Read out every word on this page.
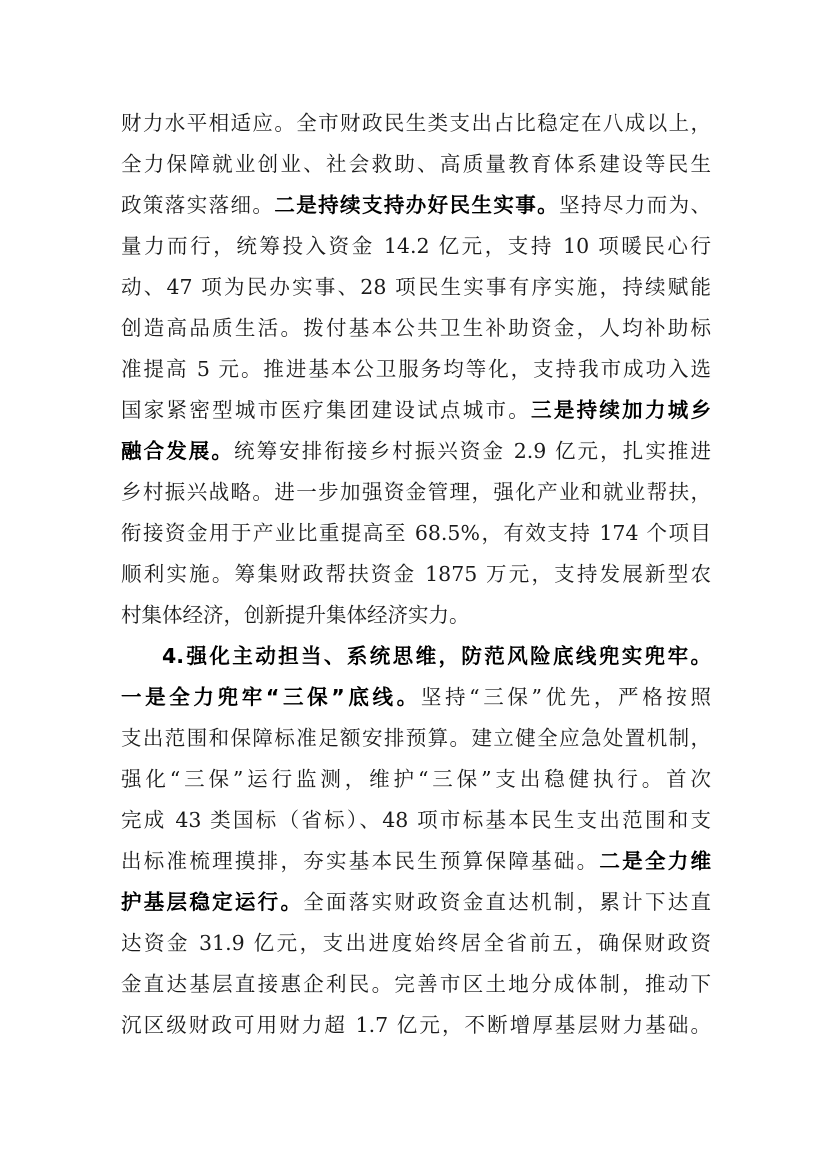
财力水平相适应。全市财政民生类支出占比稳定在八成以上，
全力保障就业创业、社会救助、高质量教育体系建设等民生
政策落实落细。二是持续支持办好民生实事。坚持尽力而为、
量力而行，统筹投入资金 14.2 亿元，支持 10 项暖民心行
动、47 项为民办实事、28 项民生实事有序实施，持续赋能
创造高品质生活。拨付基本公共卫生补助资金，人均补助标
准提高 5 元。推进基本公卫服务均等化，支持我市成功入选
国家紧密型城市医疗集团建设试点城市。三是持续加力城乡
融合发展。统筹安排衔接乡村振兴资金 2.9 亿元，扎实推进
乡村振兴战略。进一步加强资金管理，强化产业和就业帮扶，
衔接资金用于产业比重提高至 68.5%，有效支持 174 个项目
顺利实施。筹集财政帮扶资金 1875 万元，支持发展新型农
村集体经济，创新提升集体经济实力。
4.强化主动担当、系统思维，防范风险底线兜实兜牢。
一是全力兜牢“三保”底线。坚持“三保”优先，严格按照
支出范围和保障标准足额安排预算。建立健全应急处置机制，
强化“三保”运行监测，维护“三保”支出稳健执行。首次
完成 43 类国标（省标）、48 项市标基本民生支出范围和支
出标准梳理摸排，夯实基本民生预算保障基础。二是全力维
护基层稳定运行。全面落实财政资金直达机制，累计下达直
达资金 31.9 亿元，支出进度始终居全省前五，确保财政资
金直达基层直接惠企利民。完善市区土地分成体制，推动下
沉区级财政可用财力超 1.7 亿元，不断增厚基层财力基础。
